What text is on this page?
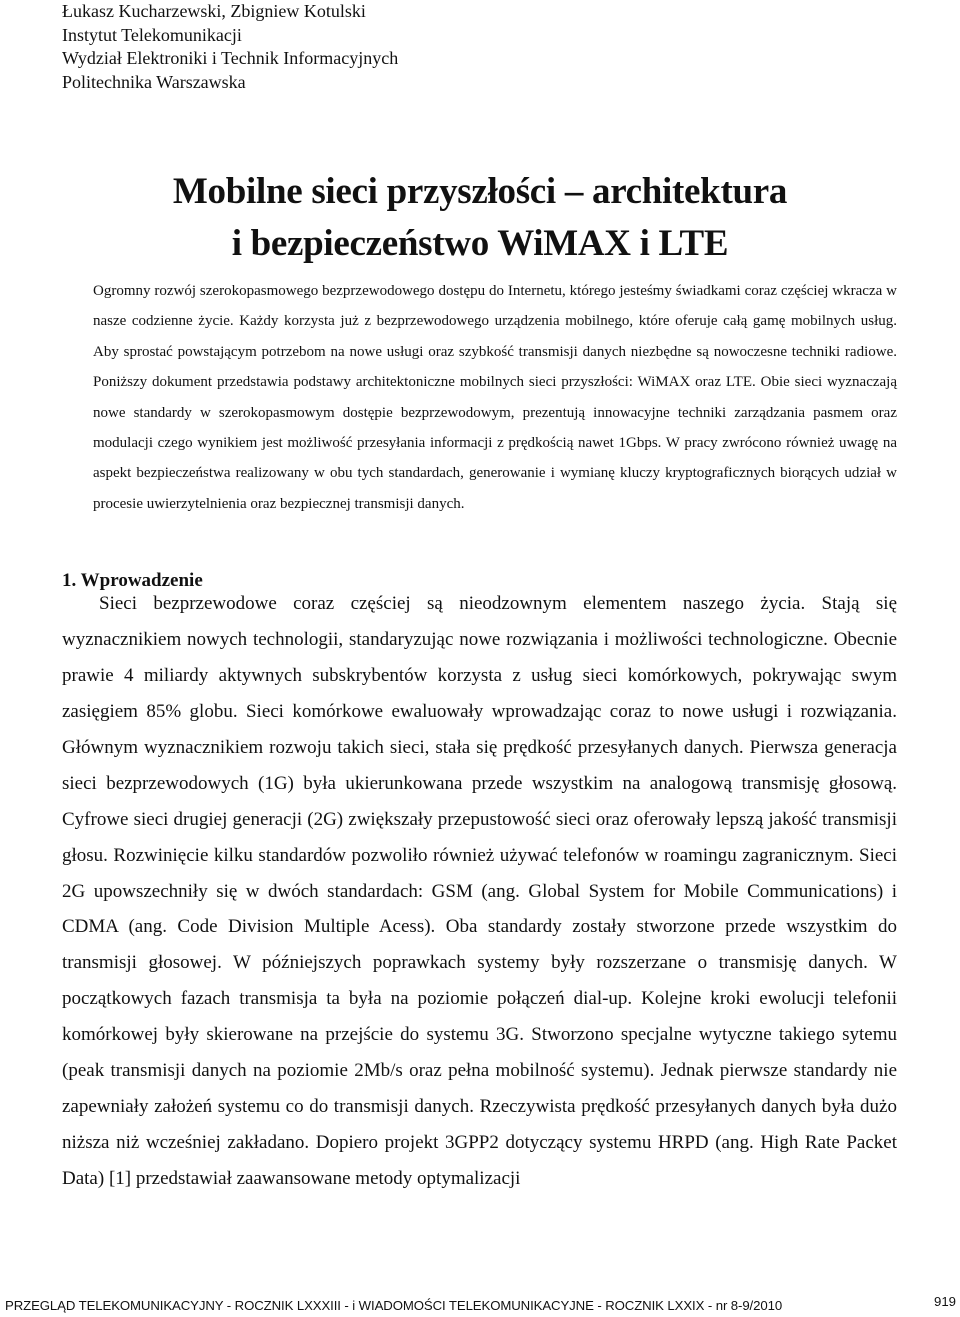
Łukasz Kucharzewski, Zbigniew Kotulski
Instytut Telekomunikacji
Wydział Elektroniki i Technik Informacyjnych
Politechnika Warszawska
Mobilne sieci przyszłości – architektura
i bezpieczeństwo WiMAX i LTE

Ogromny rozwój szerokopasmowego bezprzewodowego dostępu do Internetu, którego jesteśmy świadkami coraz częściej wkracza w nasze codzienne życie. Każdy korzysta już z bezprzewodowego urządzenia mobilnego, które oferuje całą gamę mobilnych usług. Aby sprostać powstającym potrzebom na nowe usługi oraz szybkość transmisji danych niezbędne są nowoczesne techniki radiowe. Poniższy dokument przedstawia podstawy architektoniczne mobilnych sieci przyszłości: WiMAX oraz LTE. Obie sieci wyznaczają nowe standardy w szerokopasmowym dostępie bezprzewodowym, prezentują innowacyjne techniki zarządzania pasmem oraz modulacji czego wynikiem jest możliwość przesyłania informacji z prędkością nawet 1Gbps. W pracy zwrócono również uwagę na aspekt bezpieczeństwa realizowany w obu tych standardach, generowanie i wymianę kluczy kryptograficznych biorących udział w procesie uwierzytelnienia oraz bezpiecznej transmisji danych.

1. Wprowadzenie

Sieci bezprzewodowe coraz częściej są nieodzownym elementem naszego życia. Stają się wyznacznikiem nowych technologii, standaryzując nowe rozwiązania i możliwości technologiczne. Obecnie prawie 4 miliardy aktywnych subskrybentów korzysta z usług sieci komórkowych, pokrywając swym zasięgiem 85% globu. Sieci komórkowe ewaluowały wprowadzając coraz to nowe usługi i rozwiązania. Głównym wyznacznikiem rozwoju takich sieci, stała się prędkość przesyłanych danych. Pierwsza generacja sieci bezprzewodowych (1G) była ukierunkowana przede wszystkim na analogową transmisję głosową. Cyfrowe sieci drugiej generacji (2G) zwiększały przepustowość sieci oraz oferowały lepszą jakość transmisji głosu. Rozwinięcie kilku standardów pozwoliło również używać telefonów w roamingu zagranicznym. Sieci 2G upowszechniły się w dwóch standardach: GSM (ang. Global System for Mobile Communications) i CDMA (ang. Code Division Multiple Acess). Oba standardy zostały stworzone przede wszystkim do transmisji głosowej. W późniejszych poprawkach systemy były rozszerzane o transmisję danych. W początkowych fazach transmisja ta była na poziomie połączeń dial-up. Kolejne kroki ewolucji telefonii komórkowej były skierowane na przejście do systemu 3G. Stworzono specjalne wytyczne takiego sytemu (peak transmisji danych na poziomie 2Mb/s oraz pełna mobilność systemu). Jednak pierwsze standardy nie zapewniały założeń systemu co do transmisji danych. Rzeczywista prędkość przesyłanych danych była dużo niższa niż wcześniej zakładano. Dopiero projekt 3GPP2 dotyczący systemu HRPD (ang. High Rate Packet Data) [1] przedstawiał zaawansowane metody optymalizacji

PRZEGLĄD TELEKOMUNIKACYJNY - ROCZNIK LXXXIII - i WIADOMOŚCI TELEKOMUNIKACYJNE - ROCZNIK LXXIX - nr 8-9/2010	919
